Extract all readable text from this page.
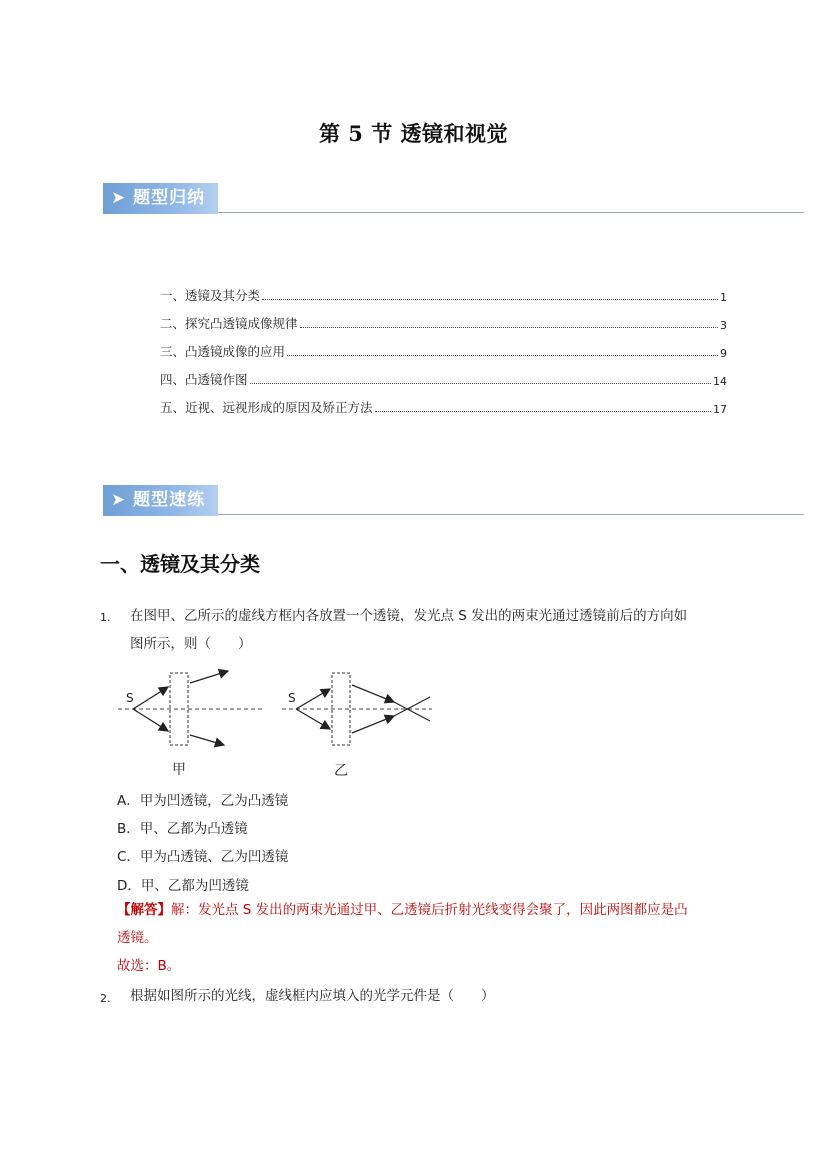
第 5 节 透镜和视觉
➤ 题型归纳
一、透镜及其分类	1
二、探究凸透镜成像规律	3
三、凸透镜成像的应用	9
四、凸透镜作图	14
五、近视、远视形成的原因及矫正方法	17
➤ 题型速练
一、透镜及其分类
1. 在图甲、乙所示的虚线方框内各放置一个透镜，发光点 S 发出的两束光通过透镜前后的方向如
图所示，则（　　）
S
甲
S
乙
A．甲为凹透镜，乙为凸透镜
B．甲、乙都为凸透镜
C．甲为凸透镜、乙为凹透镜
D．甲、乙都为凹透镜
【解答】解：发光点 S 发出的两束光通过甲、乙透镜后折射光线变得会聚了，因此两图都应是凸
透镜。
故选：B。
2. 根据如图所示的光线，虚线框内应填入的光学元件是（　　）
